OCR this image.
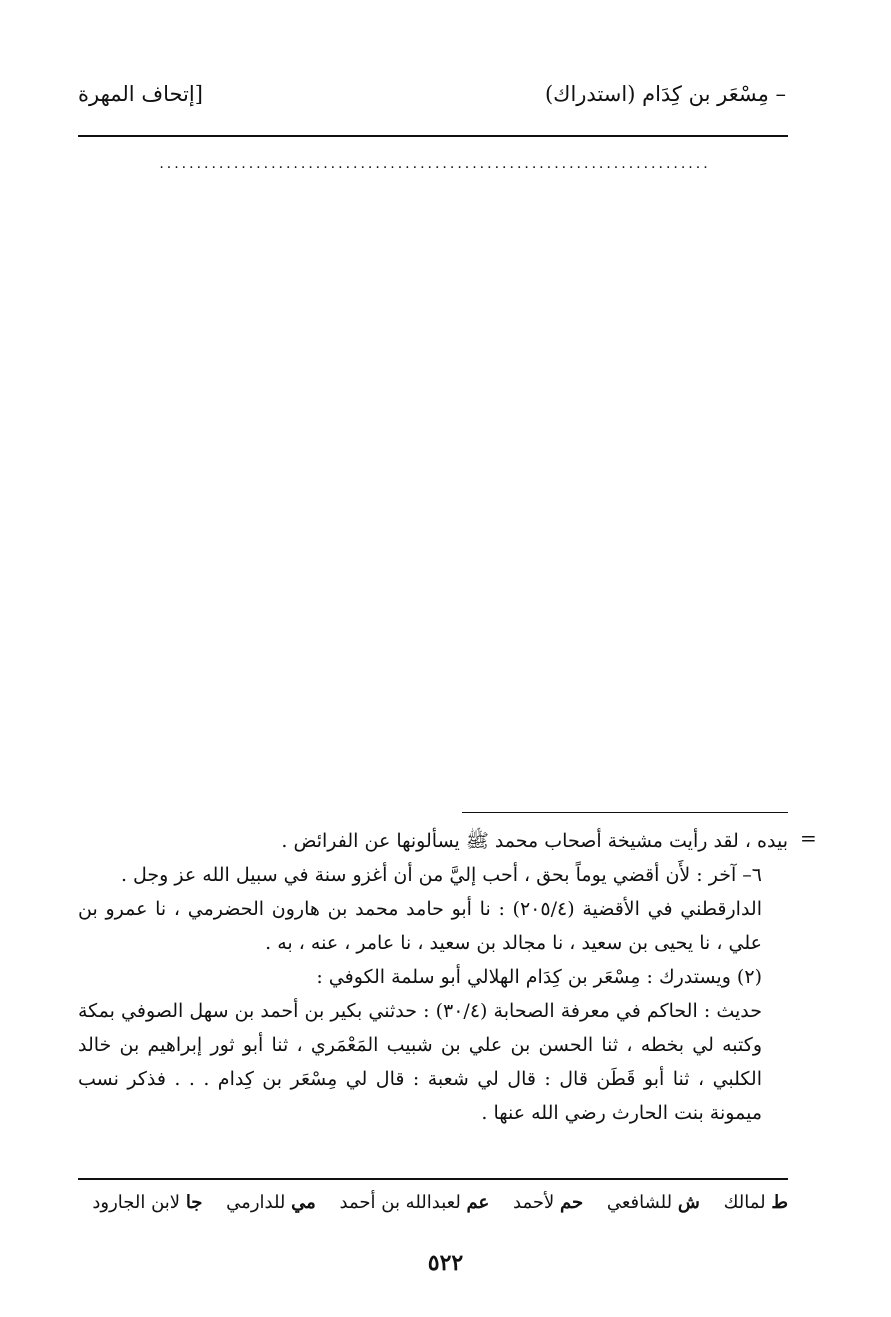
– مِسْعَر بن كِدَام (استدراك)
[إتحاف المهرة
..........................................................................
=

بيده ، لقد رأيت مشيخة أصحاب محمد ﷺ يسألونها عن الفرائض .

٦– آخر : لأَن أقضي يوماً بحق ، أحب إليَّ من أن أغزو سنة في سبيل الله عز وجل .

الدارقطني في الأقضية (٢٠٥/٤) : نا أبو حامد محمد بن هارون الحضرمي ، نا عمرو بن علي ، نا يحيى بن سعيد ، نا مجالد بن سعيد ، نا عامر ، عنه ، به .

(٢) ويستدرك : مِسْعَر بن كِدَام الهلالي أبو سلمة الكوفي :

حديث : الحاكم في معرفة الصحابة (٣٠/٤) : حدثني بكير بن أحمد بن سهل الصوفي بمكة وكتبه لي بخطه ، ثنا الحسن بن علي بن شبيب المَعْمَري ، ثنا أبو ثور إبراهيم بن خالد الكلبي ، ثنا أبو قَطَن قال : قال لي شعبة : قال لي مِسْعَر بن كِدام . . . فذكر نسب ميمونة بنت الحارث رضي الله عنها .

ط لمالك ش للشافعي حم لأحمد عم لعبدالله بن أحمد مي للدارمي جا لابن الجارود
٥٢٢
